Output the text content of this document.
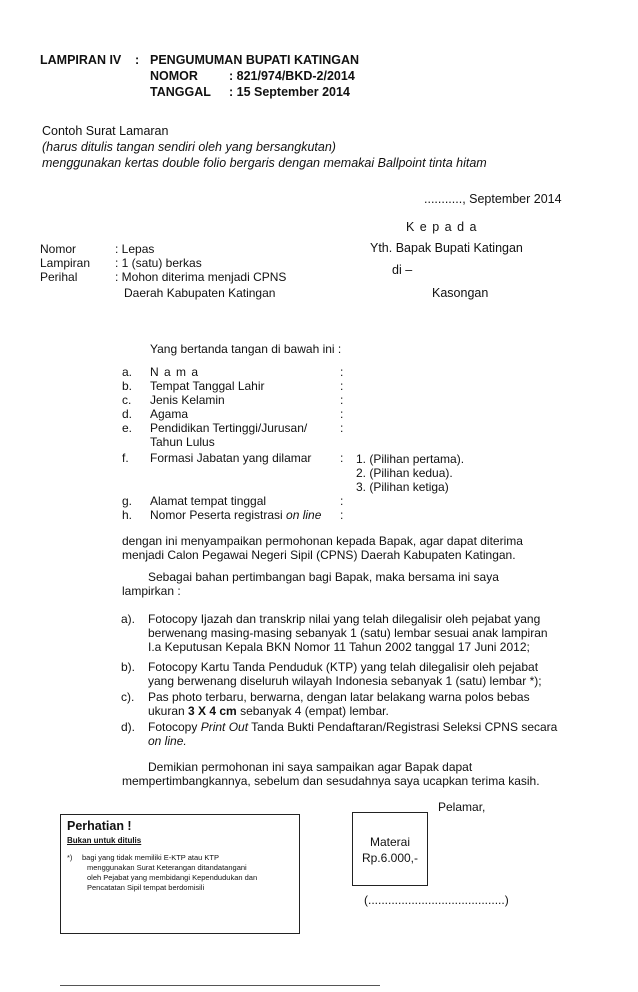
LAMPIRAN IV : PENGUMUMAN BUPATI KATINGAN
NOMOR : 821/974/BKD-2/2014
TANGGAL : 15 September 2014
Contoh Surat Lamaran
(harus ditulis tangan sendiri oleh yang bersangkutan)
menggunakan kertas double folio bergaris dengan memakai Ballpoint tinta hitam
..........., September 2014
K e p a d a
Yth. Bapak Bupati Katingan
di –
Kasongan
Nomor	: Lepas
Lampiran : 1 (satu) berkas
Perihal	: Mohon diterima menjadi CPNS
Daerah Kabupaten Katingan
Yang bertanda tangan di bawah ini :
a. N a m a	:
b. Tempat Tanggal Lahir	:
c. Jenis Kelamin	:
d. Agama	:
e. Pendidikan Tertinggi/Jurusan/	:
Tahun Lulus
f. Formasi Jabatan yang dilamar : 1. (Pilihan pertama).
2. (Pilihan kedua).
3. (Pilihan ketiga)
g. Alamat tempat tinggal	:
h. Nomor Peserta registrasi on line :
dengan ini menyampaikan permohonan kepada Bapak, agar dapat diterima
menjadi Calon Pegawai Negeri Sipil (CPNS) Daerah Kabupaten Katingan.
Sebagai bahan pertimbangan bagi Bapak, maka bersama ini saya
lampirkan :
a). Fotocopy Ijazah dan transkrip nilai yang telah dilegalisir oleh pejabat yang
berwenang masing-masing sebanyak 1 (satu) lembar sesuai anak lampiran
I.a Keputusan Kepala BKN Nomor 11 Tahun 2002 tanggal 17 Juni 2012;
b). Fotocopy Kartu Tanda Penduduk (KTP) yang telah dilegalisir oleh pejabat
yang berwenang diseluruh wilayah Indonesia sebanyak 1 (satu) lembar *);
c). Pas photo terbaru, berwarna, dengan latar belakang warna polos bebas
ukuran 3 X 4 cm sebanyak 4 (empat) lembar.
d). Fotocopy Print Out Tanda Bukti Pendaftaran/Registrasi Seleksi CPNS secara
on line.
Demikian permohonan ini saya sampaikan agar Bapak dapat
mempertimbangkannya, sebelum dan sesudahnya saya ucapkan terima kasih.
Pelamar,
Perhatian !
Bukan untuk ditulis
*) bagi yang tidak memiliki E-KTP atau KTP
menggunakan Surat Keterangan ditandatangani
oleh Pejabat yang membidangi Kependudukan dan
Pencatatan Sipil tempat berdomisili
Materai
Rp.6.000,-
(.........................................)
